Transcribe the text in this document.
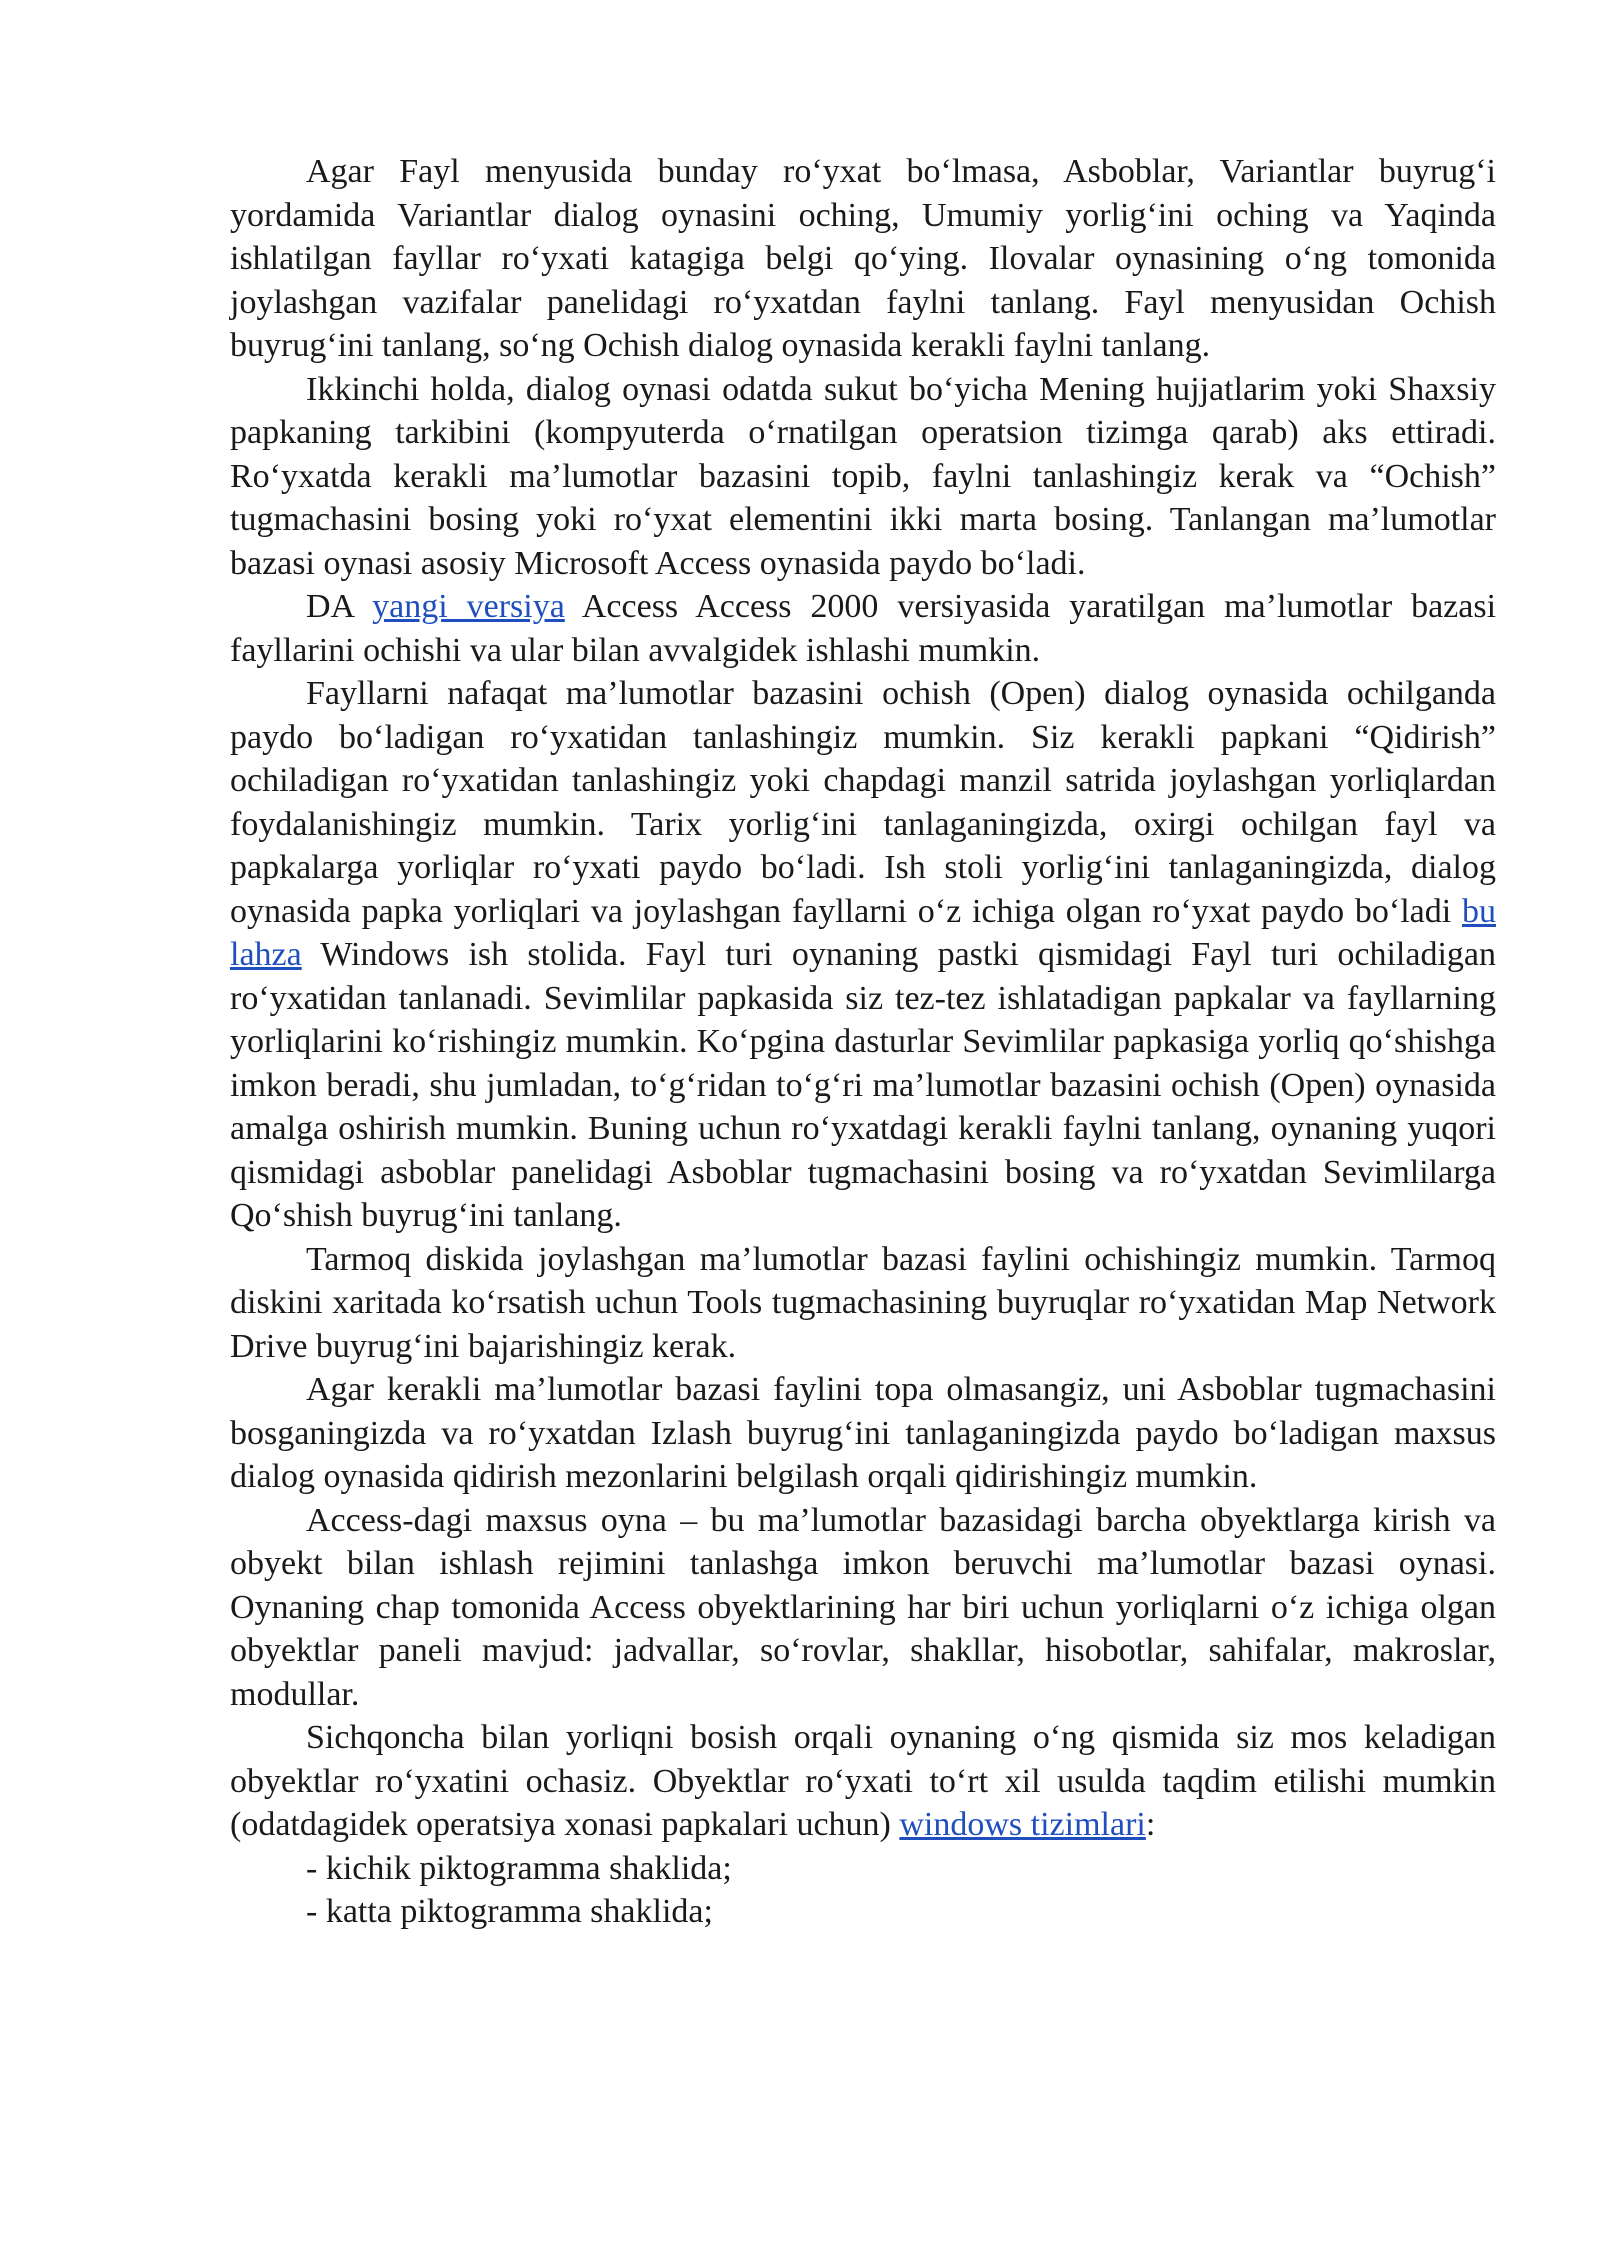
Agar Fayl menyusida bunday ro‘yxat bo‘lmasa, Asboblar, Variantlar buyrug‘i yordamida Variantlar dialog oynasini oching, Umumiy yorlig‘ini oching va Yaqinda ishlatilgan fayllar ro‘yxati katagiga belgi qo‘ying. Ilovalar oynasining o‘ng tomonida joylashgan vazifalar panelidagi ro‘yxatdan faylni tanlang. Fayl menyusidan Ochish buyrug‘ini tanlang, so‘ng Ochish dialog oynasida kerakli faylni tanlang.

Ikkinchi holda, dialog oynasi odatda sukut bo‘yicha Mening hujjatlarim yoki Shaxsiy papkaning tarkibini (kompyuterda o‘rnatilgan operatsion tizimga qarab) aks ettiradi. Ro‘yxatda kerakli ma’lumotlar bazasini topib, faylni tanlashingiz kerak va “Ochish” tugmachasini bosing yoki ro‘yxat elementini ikki marta bosing. Tanlangan ma’lumotlar bazasi oynasi asosiy Microsoft Access oynasida paydo bo‘ladi.

DA yangi versiya Access Access 2000 versiyasida yaratilgan ma’lumotlar bazasi fayllarini ochishi va ular bilan avvalgidek ishlashi mumkin.

Fayllarni nafaqat ma’lumotlar bazasini ochish (Open) dialog oynasida ochilganda paydo bo‘ladigan ro‘yxatidan tanlashingiz mumkin. Siz kerakli papkani “Qidirish” ochiladigan ro‘yxatidan tanlashingiz yoki chapdagi manzil satrida joylashgan yorliqlardan foydalanishingiz mumkin. Tarix yorlig‘ini tanlaganingizda, oxirgi ochilgan fayl va papkalarga yorliqlar ro‘yxati paydo bo‘ladi. Ish stoli yorlig‘ini tanlaganingizda, dialog oynasida papka yorliqlari va joylashgan fayllarni o‘z ichiga olgan ro‘yxat paydo bo‘ladi bu lahza Windows ish stolida. Fayl turi oynaning pastki qismidagi Fayl turi ochiladigan ro‘yxatidan tanlanadi. Sevimlilar papkasida siz tez-tez ishlatadigan papkalar va fayllarning yorliqlarini ko‘rishingiz mumkin. Ko‘pgina dasturlar Sevimlilar papkasiga yorliq qo‘shishga imkon beradi, shu jumladan, to‘g‘ridan to‘g‘ri ma’lumotlar bazasini ochish (Open) oynasida amalga oshirish mumkin. Buning uchun ro‘yxatdagi kerakli faylni tanlang, oynaning yuqori qismidagi asboblar panelidagi Asboblar tugmachasini bosing va ro‘yxatdan Sevimlilarga Qo‘shish buyrug‘ini tanlang.

Tarmoq diskida joylashgan ma’lumotlar bazasi faylini ochishingiz mumkin. Tarmoq diskini xaritada ko‘rsatish uchun Tools tugmachasining buyruqlar ro‘yxatidan Map Network Drive buyrug‘ini bajarishingiz kerak.

Agar kerakli ma’lumotlar bazasi faylini topa olmasangiz, uni Asboblar tugmachasini bosganingizda va ro‘yxatdan Izlash buyrug‘ini tanlaganingizda paydo bo‘ladigan maxsus dialog oynasida qidirish mezonlarini belgilash orqali qidirishingiz mumkin.

Access-dagi maxsus oyna – bu ma’lumotlar bazasidagi barcha obyektlarga kirish va obyekt bilan ishlash rejimini tanlashga imkon beruvchi ma’lumotlar bazasi oynasi. Oynaning chap tomonida Access obyektlarining har biri uchun yorliqlarni o‘z ichiga olgan obyektlar paneli mavjud: jadvallar, so‘rovlar, shakllar, hisobotlar, sahifalar, makroslar, modullar.

Sichqoncha bilan yorliqni bosish orqali oynaning o‘ng qismida siz mos keladigan obyektlar ro‘yxatini ochasiz. Obyektlar ro‘yxati to‘rt xil usulda taqdim etilishi mumkin (odatdagidek operatsiya xonasi papkalari uchun) windows tizimlari:

- kichik piktogramma shaklida;

- katta piktogramma shaklida;
